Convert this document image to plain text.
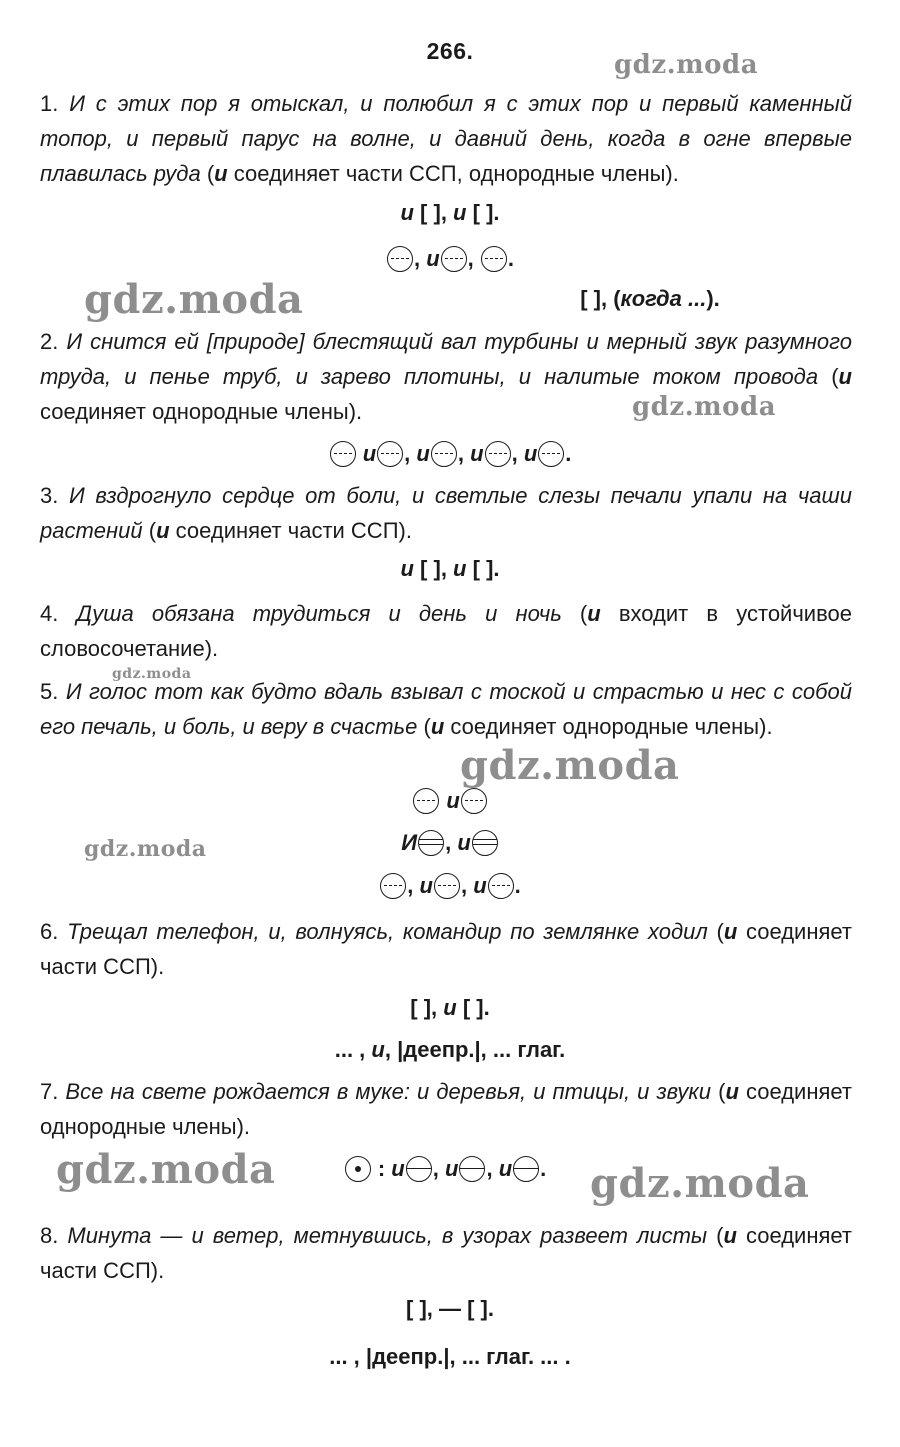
266.
1. И с этих пор я отыскал, и полюбил я с этих пор и первый каменный топор, и первый парус на волне, и давний день, когда в огне впервые плавилась руда (и соединяет части ССП, однородные члены).
и [ ], и [ ].
, и , .
[ ], (когда ...).
2. И снится ей [природе] блестящий вал турбины и мерный звук разумного труда, и пенье труб, и зарево плотины, и налитые током провода (и соединяет однородные члены).
и , и , и , и .
3. И вздрогнуло сердце от боли, и светлые слезы печали упали на чаши растений (и соединяет части ССП).
и [ ], и [ ].
4. Душа обязана трудиться и день и ночь (и входит в устойчивое словосочетание).
5. И голос тот как будто вдаль взывал с тоской и страстью и нес с собой его печаль, и боль, и веру в счастье (и соединяет однородные члены).
и
И , и
, и , и .
6. Трещал телефон, и, волнуясь, командир по землянке ходил (и соединяет части ССП).
[ ], и [ ].
... , и, |деепр.|, ... глаг.
7. Все на свете рождается в муке: и деревья, и птицы, и звуки (и соединяет однородные члены).
: и , и , и .
8. Минута — и ветер, метнувшись, в узорах развеет листы (и соединяет части ССП).
[ ], — [ ].
... , |деепр.|, ... глаг. ... .
gdz.moda
gdz.moda
gdz.moda
gdz.moda
gdz.moda
gdz.moda
gdz.moda	gdz.moda
